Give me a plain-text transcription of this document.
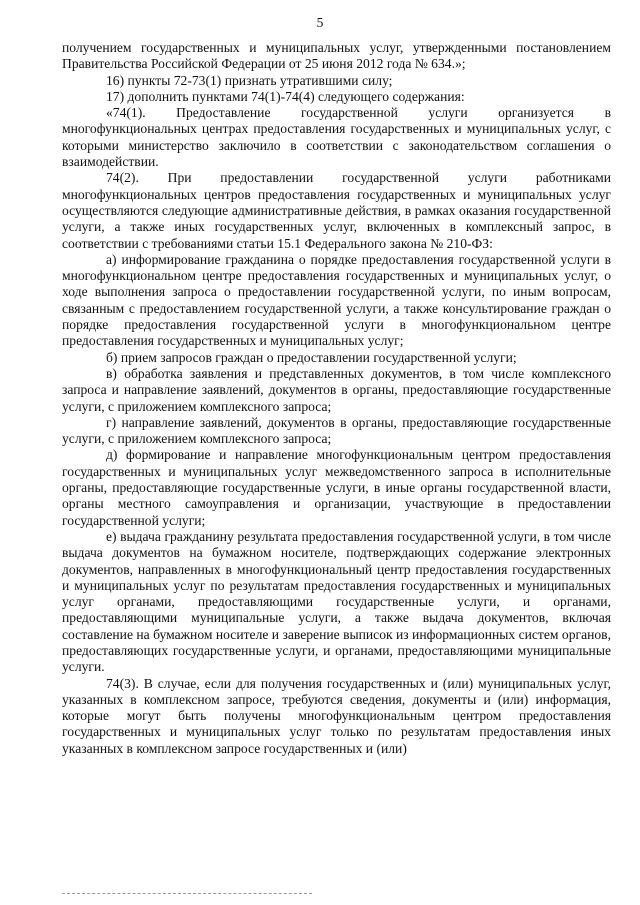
5

получением государственных и муниципальных услуг, утвержденными постановлением Правительства Российской Федерации от 25 июня 2012 года № 634.»;

16) пункты 72-73(1) признать утратившими силу;

17) дополнить пунктами 74(1)-74(4) следующего содержания:

«74(1). Предоставление государственной услуги организуется в многофункциональных центрах предоставления государственных и муниципальных услуг, с которыми министерство заключило в соответствии с законодательством соглашения о взаимодействии.

74(2). При предоставлении государственной услуги работниками многофункциональных центров предоставления государственных и муниципальных услуг осуществляются следующие административные действия, в рамках оказания государственной услуги, а также иных государственных услуг, включенных в комплексный запрос, в соответствии с требованиями статьи 15.1 Федерального закона № 210-ФЗ:

а) информирование гражданина о порядке предоставления государственной услуги в многофункциональном центре предоставления государственных и муниципальных услуг, о ходе выполнения запроса о предоставлении государственной услуги, по иным вопросам, связанным с предоставлением государственной услуги, а также консультирование граждан о порядке предоставления государственной услуги в многофункциональном центре предоставления государственных и муниципальных услуг;

б) прием запросов граждан о предоставлении государственной услуги;

в) обработка заявления и представленных документов, в том числе комплексного запроса и направление заявлений, документов в органы, предоставляющие государственные услуги, с приложением комплексного запроса;

г) направление заявлений, документов в органы, предоставляющие государственные услуги, с приложением комплексного запроса;

д) формирование и направление многофункциональным центром предоставления государственных и муниципальных услуг межведомственного запроса в исполнительные органы, предоставляющие государственные услуги, в иные органы государственной власти, органы местного самоуправления и организации, участвующие в предоставлении государственной услуги;

е) выдача гражданину результата предоставления государственной услуги, в том числе выдача документов на бумажном носителе, подтверждающих содержание электронных документов, направленных в многофункциональный центр предоставления государственных и муниципальных услуг по результатам предоставления государственных и муниципальных услуг органами, предоставляющими государственные услуги, и органами, предоставляющими муниципальные услуги, а также выдача документов, включая составление на бумажном носителе и заверение выписок из информационных систем органов, предоставляющих государственные услуги, и органами, предоставляющими муниципальные услуги.

74(3). В случае, если для получения государственных и (или) муниципальных услуг, указанных в комплексном запросе, требуются сведения, документы и (или) информация, которые могут быть получены многофункциональным центром предоставления государственных и муниципальных услуг только по результатам предоставления иных указанных в комплексном запросе государственных и (или)
